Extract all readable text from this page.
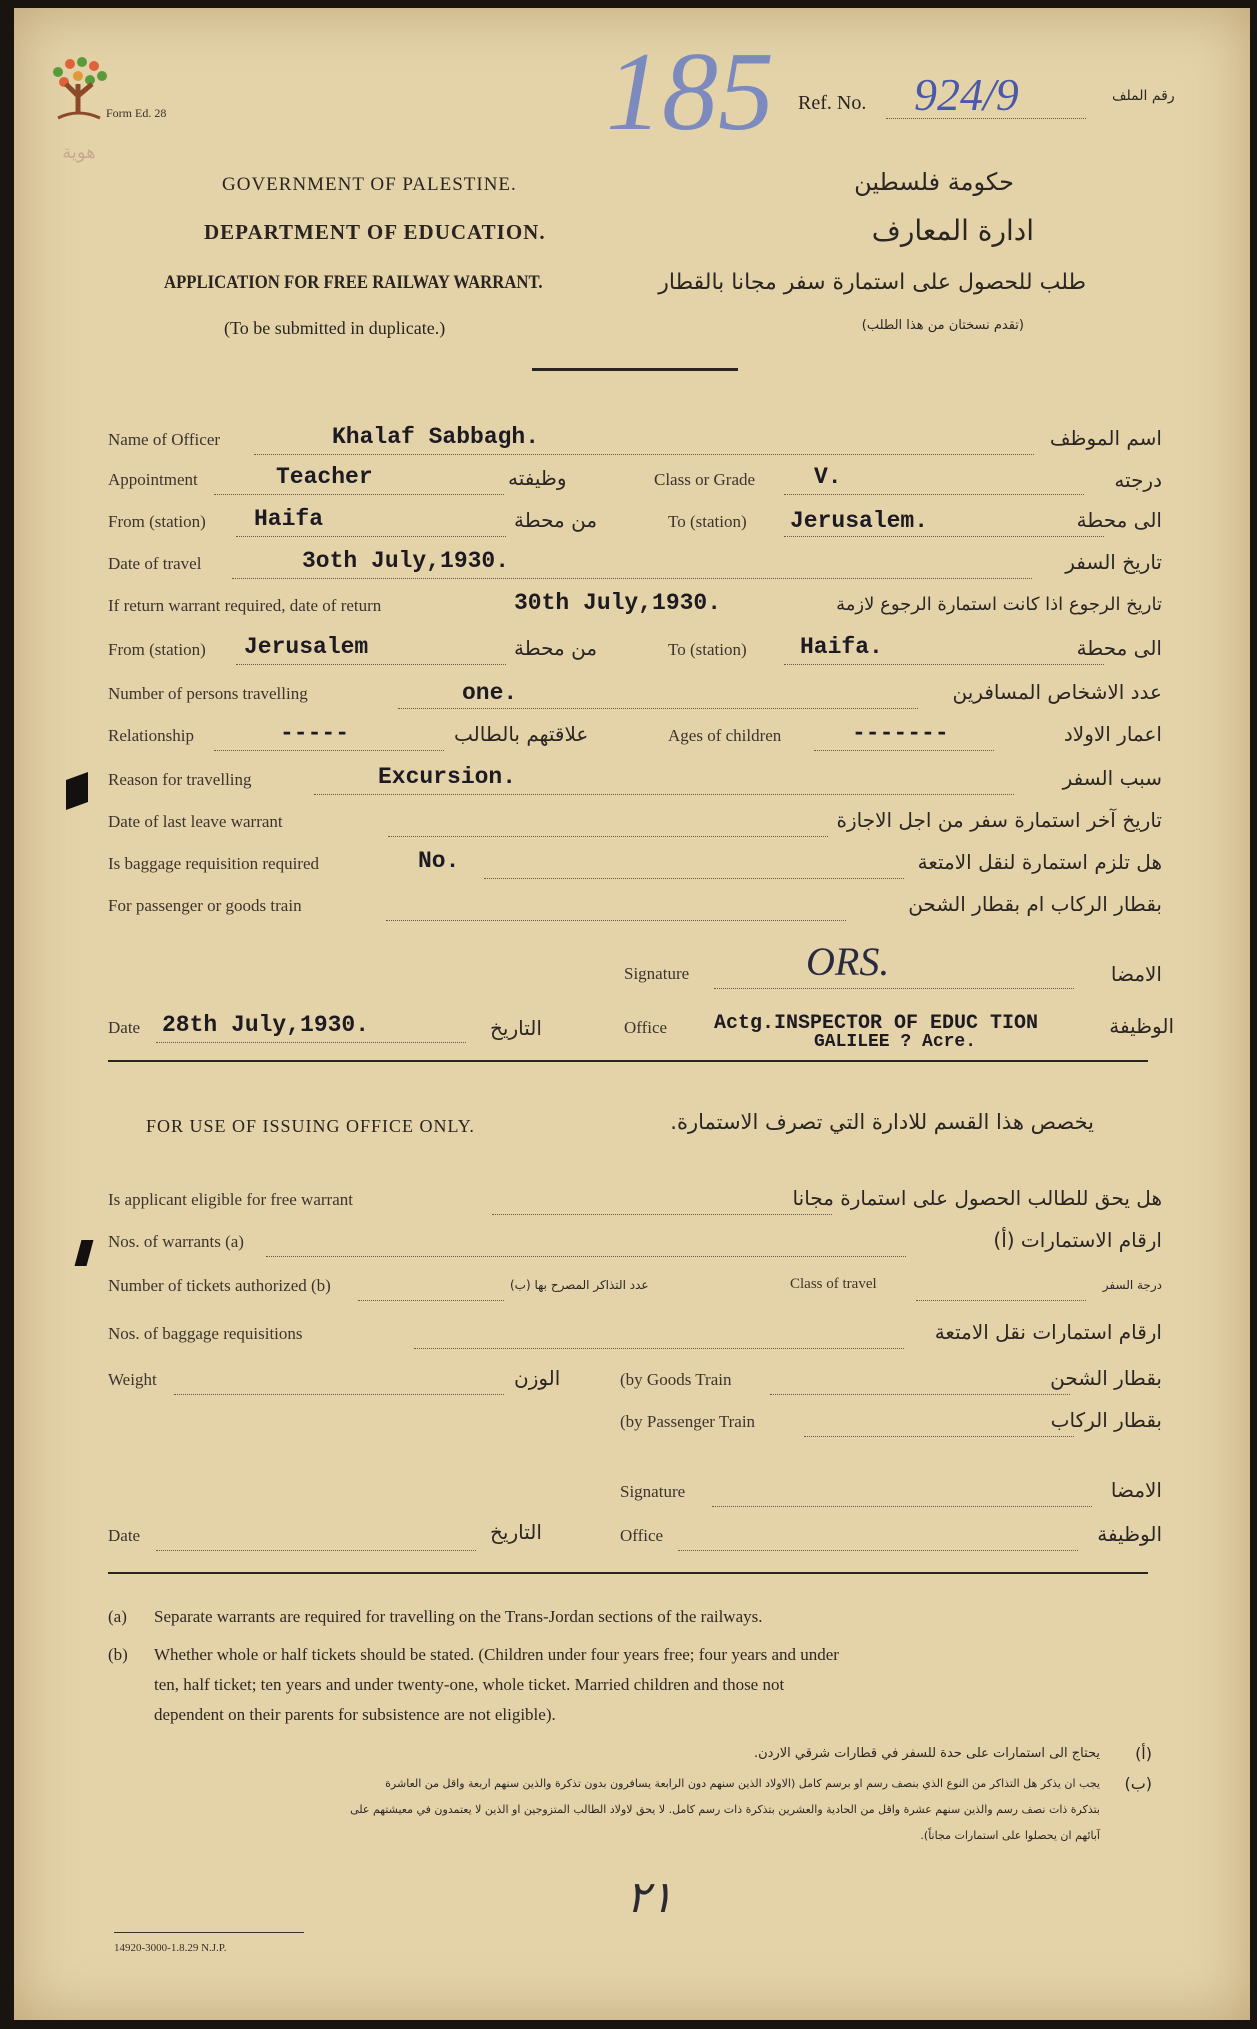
هوية
Form Ed. 28	185 Ref. No. 924/9	رقم الملف
GOVERNMENT OF PALESTINE.
DEPARTMENT OF EDUCATION.
APPLICATION FOR FREE RAILWAY WARRANT.
(To be submitted in duplicate.)
حكومة فلسطين
ادارة المعارف
طلب للحصول على استمارة سفر مجانا بالقطار
(تقدم نسختان من هذا الطلب)
Name of Officer	Khalaf Sabbagh.	اسم الموظف
Appointment	Teacher	وظيفته	Class or Grade	V.	درجته
From (station) Haifa	من محطة	To (station) Jerusalem.	الى محطة
Date of travel	3oth July,1930.	تاريخ السفر
If return warrant required, date of return	30th July,1930.	تاريخ الرجوع اذا كانت استمارة الرجوع لازمة
From (station) Jerusalem	من محطة	To (station) Haifa.	الى محطة
Number of persons travelling	one.	عدد الاشخاص المسافرين
Relationship	-----	علاقتهم بالطالب	Ages of children	-------	اعمار الاولاد
Reason for travelling	Excursion.	سبب السفر
Date of last leave warrant	تاريخ آخر استمارة سفر من اجل الاجازة
Is baggage requisition required	No.	هل تلزم استمارة لنقل الامتعة
For passenger or goods train	بقطار الركاب ام بقطار الشحن
Signature	ORS.	الامضا
Date 28th July,1930.	التاريخ	Office Actg.INSPECTOR OF EDUC TION
GALILEE ? Acre.
الوظيفة
FOR USE OF ISSUING OFFICE ONLY.	يخصص هذا القسم للادارة التي تصرف الاستمارة.
Is applicant eligible for free warrant	هل يحق للطالب الحصول على استمارة مجانا
Nos. of warrants (a)	ارقام الاستمارات (أ)
Number of tickets authorized (b)	عدد التذاكر المصرح بها (ب)	Class of travel	درجة السفر
Nos. of baggage requisitions	ارقام استمارات نقل الامتعة
Weight	الوزن	(by Goods Train	بقطار الشحن
(by Passenger Train	بقطار الركاب
Signature	الامضا
Date	التاريخ	Office	الوظيفة
(a) Separate warrants are required for travelling on the Trans-Jordan sections of the railways.
(b) Whether whole or half tickets should be stated. (Children under four years free; four years and under
ten, half ticket; ten years and under twenty-one, whole ticket. Married children and those not
dependent on their parents for subsistence are not eligible).
(أ)
يحتاج الى استمارات على حدة للسفر في قطارات شرقي الاردن.
(ب)
يجب ان يذكر هل التذاكر من النوع الذي بنصف رسم او برسم كامل (الاولاد الذين سنهم دون الرابعة يسافرون بدون تذكرة والذين سنهم اربعة واقل من العاشرة
بتذكرة ذات نصف رسم والذين سنهم عشرة واقل من الحادية والعشرين بتذكرة ذات رسم كامل. لا يحق لاولاد الطالب المتزوجين او الذين لا يعتمدون في معيشتهم على
آبائهم ان يحصلوا على استمارات مجاناً).
٢١
14920-3000-1.8.29 N.J.P.
